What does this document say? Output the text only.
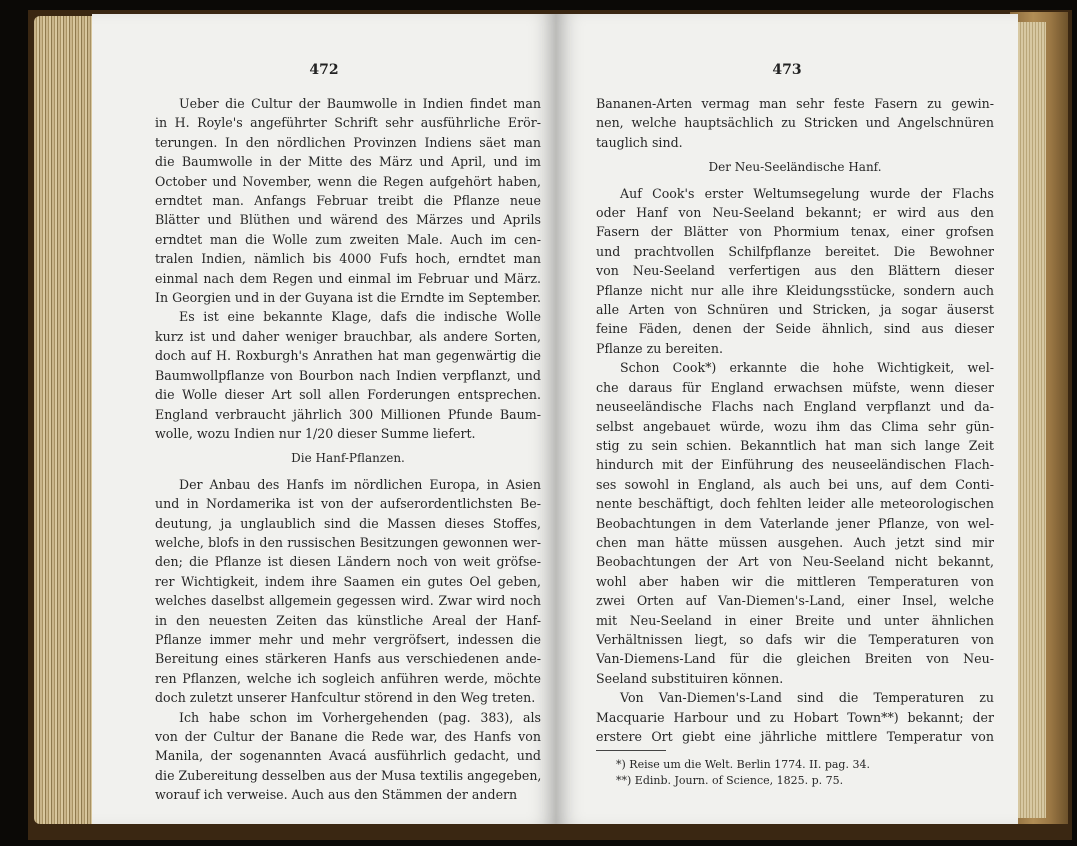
472
Ueber die Cultur der Baumwolle in Indien findet man
in H. Royle's angeführter Schrift sehr ausführliche Erör-
terungen. In den nördlichen Provinzen Indiens säet man
die Baumwolle in der Mitte des März und April, und im
October und November, wenn die Regen aufgehört haben,
erndtet man. Anfangs Februar treibt die Pflanze neue
Blätter und Blüthen und wärend des Märzes und Aprils
erndtet man die Wolle zum zweiten Male. Auch im cen-
tralen Indien, nämlich bis 4000 Fufs hoch, erndtet man
einmal nach dem Regen und einmal im Februar und März.
In Georgien und in der Guyana ist die Erndte im September.
Es ist eine bekannte Klage, dafs die indische Wolle
kurz ist und daher weniger brauchbar, als andere Sorten,
doch auf H. Roxburgh's Anrathen hat man gegenwärtig die
Baumwollpflanze von Bourbon nach Indien verpflanzt, und
die Wolle dieser Art soll allen Forderungen entsprechen.
England verbraucht jährlich 300 Millionen Pfunde Baum-
wolle, wozu Indien nur 1/20 dieser Summe liefert.
Die Hanf-Pflanzen.
Der Anbau des Hanfs im nördlichen Europa, in Asien
und in Nordamerika ist von der aufserordentlichsten Be-
deutung, ja unglaublich sind die Massen dieses Stoffes,
welche, blofs in den russischen Besitzungen gewonnen wer-
den; die Pflanze ist diesen Ländern noch von weit gröfse-
rer Wichtigkeit, indem ihre Saamen ein gutes Oel geben,
welches daselbst allgemein gegessen wird. Zwar wird noch
in den neuesten Zeiten das künstliche Areal der Hanf-
Pflanze immer mehr und mehr vergröfsert, indessen die
Bereitung eines stärkeren Hanfs aus verschiedenen ande-
ren Pflanzen, welche ich sogleich anführen werde, möchte
doch zuletzt unserer Hanfcultur störend in den Weg treten.
Ich habe schon im Vorhergehenden (pag. 383), als
von der Cultur der Banane die Rede war, des Hanfs von
Manila, der sogenannten Avacá ausführlich gedacht, und
die Zubereitung desselben aus der Musa textilis angegeben,
worauf ich verweise. Auch aus den Stämmen der andern
473
Bananen-Arten vermag man sehr feste Fasern zu gewin-
nen, welche hauptsächlich zu Stricken und Angelschnüren
tauglich sind.
Der Neu-Seeländische Hanf.
Auf Cook's erster Weltumsegelung wurde der Flachs
oder Hanf von Neu-Seeland bekannt; er wird aus den
Fasern der Blätter von Phormium tenax, einer grofsen
und prachtvollen Schilfpflanze bereitet. Die Bewohner
von Neu-Seeland verfertigen aus den Blättern dieser
Pflanze nicht nur alle ihre Kleidungsstücke, sondern auch
alle Arten von Schnüren und Stricken, ja sogar äuserst
feine Fäden, denen der Seide ähnlich, sind aus dieser
Pflanze zu bereiten.
Schon Cook*) erkannte die hohe Wichtigkeit, wel-
che daraus für England erwachsen müfste, wenn dieser
neuseeländische Flachs nach England verpflanzt und da-
selbst angebauet würde, wozu ihm das Clima sehr gün-
stig zu sein schien. Bekanntlich hat man sich lange Zeit
hindurch mit der Einführung des neuseeländischen Flach-
ses sowohl in England, als auch bei uns, auf dem Conti-
nente beschäftigt, doch fehlten leider alle meteorologischen
Beobachtungen in dem Vaterlande jener Pflanze, von wel-
chen man hätte müssen ausgehen. Auch jetzt sind mir
Beobachtungen der Art von Neu-Seeland nicht bekannt,
wohl aber haben wir die mittleren Temperaturen von
zwei Orten auf Van-Diemen's-Land, einer Insel, welche
mit Neu-Seeland in einer Breite und unter ähnlichen
Verhältnissen liegt, so dafs wir die Temperaturen von
Van-Diemens-Land für die gleichen Breiten von Neu-
Seeland substituiren können.
Von Van-Diemen's-Land sind die Temperaturen zu
Macquarie Harbour und zu Hobart Town**) bekannt; der
erstere Ort giebt eine jährliche mittlere Temperatur von
*) Reise um die Welt. Berlin 1774. II. pag. 34.
**) Edinb. Journ. of Science, 1825. p. 75.
